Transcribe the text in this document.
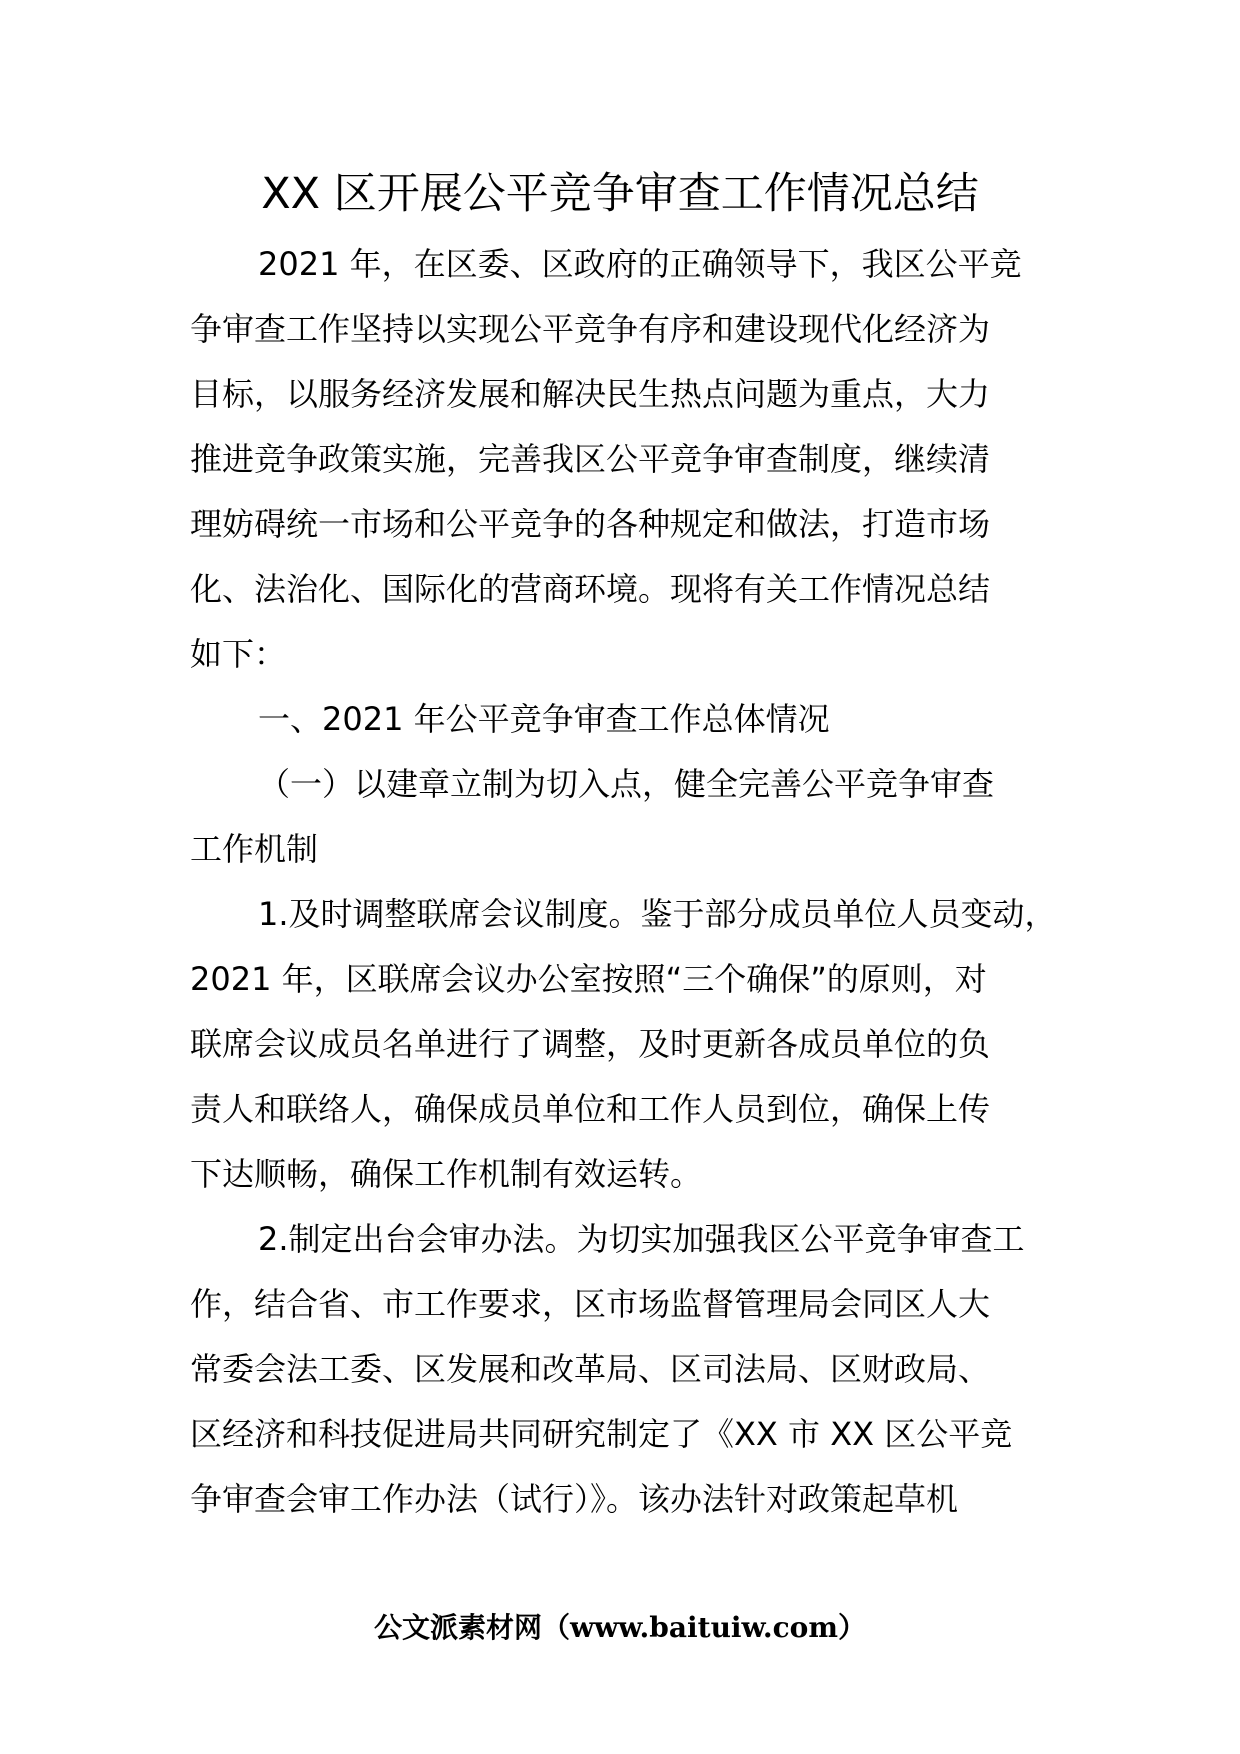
XX 区开展公平竞争审查工作情况总结
2021 年，在区委、区政府的正确领导下，我区公平竞
争审查工作坚持以实现公平竞争有序和建设现代化经济为
目标，以服务经济发展和解决民生热点问题为重点，大力
推进竞争政策实施，完善我区公平竞争审查制度，继续清
理妨碍统一市场和公平竞争的各种规定和做法，打造市场
化、法治化、国际化的营商环境。现将有关工作情况总结
如下：
一、2021 年公平竞争审查工作总体情况
（一）以建章立制为切入点，健全完善公平竞争审查
工作机制
1.及时调整联席会议制度。鉴于部分成员单位人员变动，
2021 年，区联席会议办公室按照“三个确保”的原则，对
联席会议成员名单进行了调整，及时更新各成员单位的负
责人和联络人，确保成员单位和工作人员到位，确保上传
下达顺畅，确保工作机制有效运转。
2.制定出台会审办法。为切实加强我区公平竞争审查工
作，结合省、市工作要求，区市场监督管理局会同区人大
常委会法工委、区发展和改革局、区司法局、区财政局、
区经济和科技促进局共同研究制定了《XX 市 XX 区公平竞
争审查会审工作办法（试行）》。该办法针对政策起草机
公文派素材网（www.baituiw.com）
